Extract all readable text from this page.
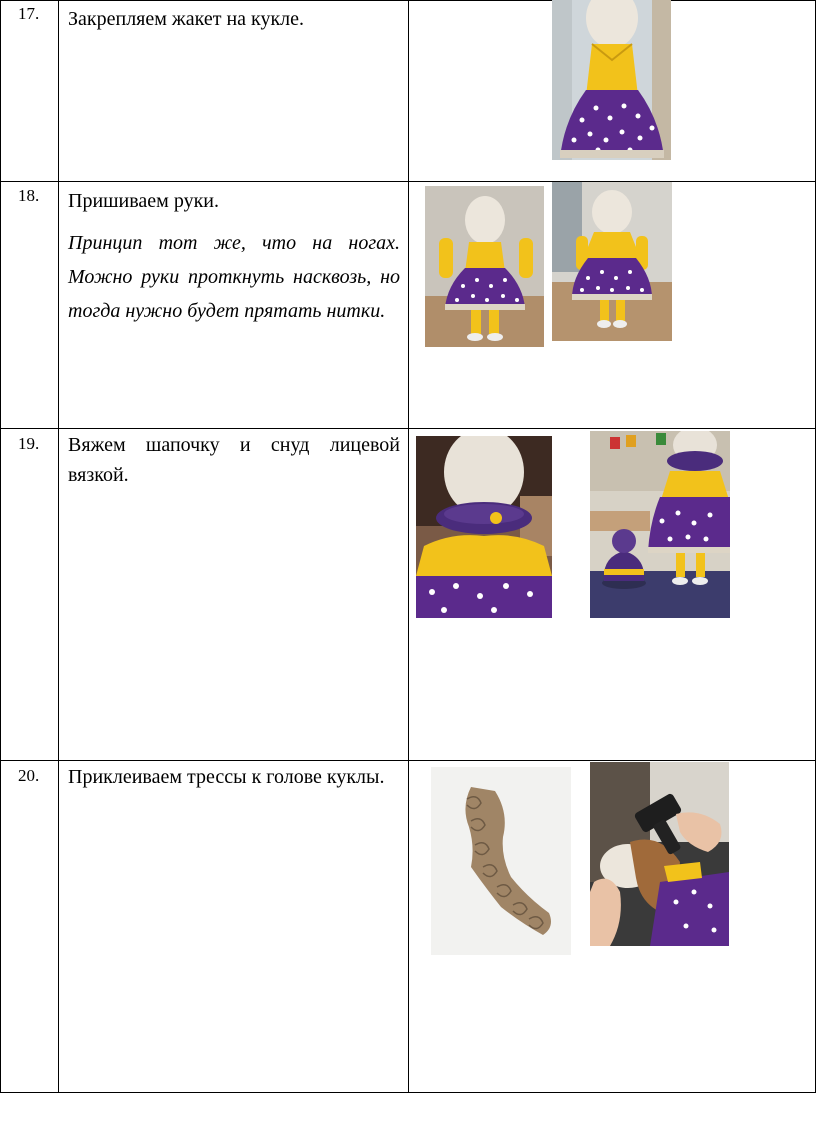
17. Закрепляем жакет на кукле.
18. Пришиваем руки.
Принцип тот же, что на ногах. Можно руки проткнуть насквозь, но тогда нужно будет прятать нитки.
19. Вяжем шапочку и снуд лицевой вязкой.
20. Приклеиваем трессы к голове куклы.
